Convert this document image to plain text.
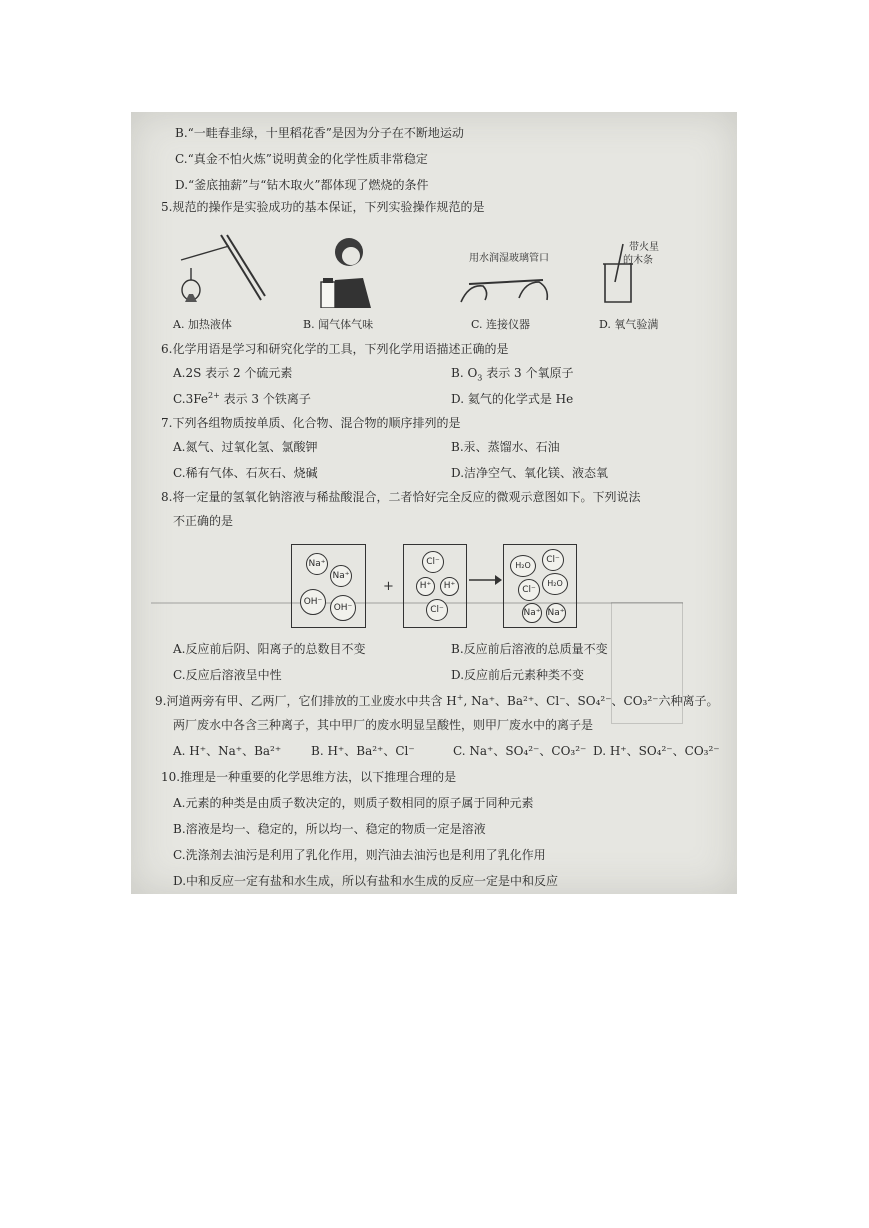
B.“一畦春韭绿，十里稻花香”是因为分子在不断地运动
C.“真金不怕火炼”说明黄金的化学性质非常稳定
D.“釜底抽薪”与“钻木取火”都体现了燃烧的条件
5.规范的操作是实验成功的基本保证，下列实验操作规范的是
用水润湿玻璃管口
带火星
的木条
A. 加热液体	B. 闻气体气味	C. 连接仪器	D. 氧气验满
6.化学用语是学习和研究化学的工具，下列化学用语描述正确的是
A.2S 表示 2 个硫元素	B. $O_3$ 表示 3 个氧原子
$C.3Fe^{2+}$ 表示 3 个铁离子	D. 氦气的化学式是 He
7.下列各组物质按单质、化合物、混合物的顺序排列的是
A.氮气、过氧化氢、氯酸钾	B.汞、蒸馏水、石油
C.稀有气体、石灰石、烧碱	D.洁净空气、氧化镁、液态氧
8.将一定量的氢氧化钠溶液与稀盐酸混合，二者恰好完全反应的微观示意图如下。下列说法
不正确的是
Na⁺
Na⁺
OH⁻
OH⁻
+
Cl⁻
H⁺	H⁺
Cl⁻
H₂O
Cl⁻
H₂O
Cl⁻
Na⁺ Na⁺
A.反应前后阴、阳离子的总数目不变	B.反应前后溶液的总质量不变
C.反应后溶液呈中性	D.反应前后元素种类不变
9.河道两旁有甲、乙两厂，它们排放的工业废水中共含 H+, Na⁺、Ba²⁺、Cl⁻、SO₄²⁻、CO₃²⁻六种离子。
两厂废水中各含三种离子，其中甲厂的废水明显呈酸性，则甲厂废水中的离子是
A. H⁺、Na⁺、Ba²⁺ B. H⁺、Ba²⁺、Cl⁻	C. Na⁺、SO₄²⁻、CO₃²⁻ D. H⁺、SO₄²⁻、CO₃²⁻
10.推理是一种重要的化学思维方法，以下推理合理的是
A.元素的种类是由质子数决定的，则质子数相同的原子属于同种元素
B.溶液是均一、稳定的，所以均一、稳定的物质一定是溶液
C.洗涤剂去油污是利用了乳化作用，则汽油去油污也是利用了乳化作用
D.中和反应一定有盐和水生成，所以有盐和水生成的反应一定是中和反应
